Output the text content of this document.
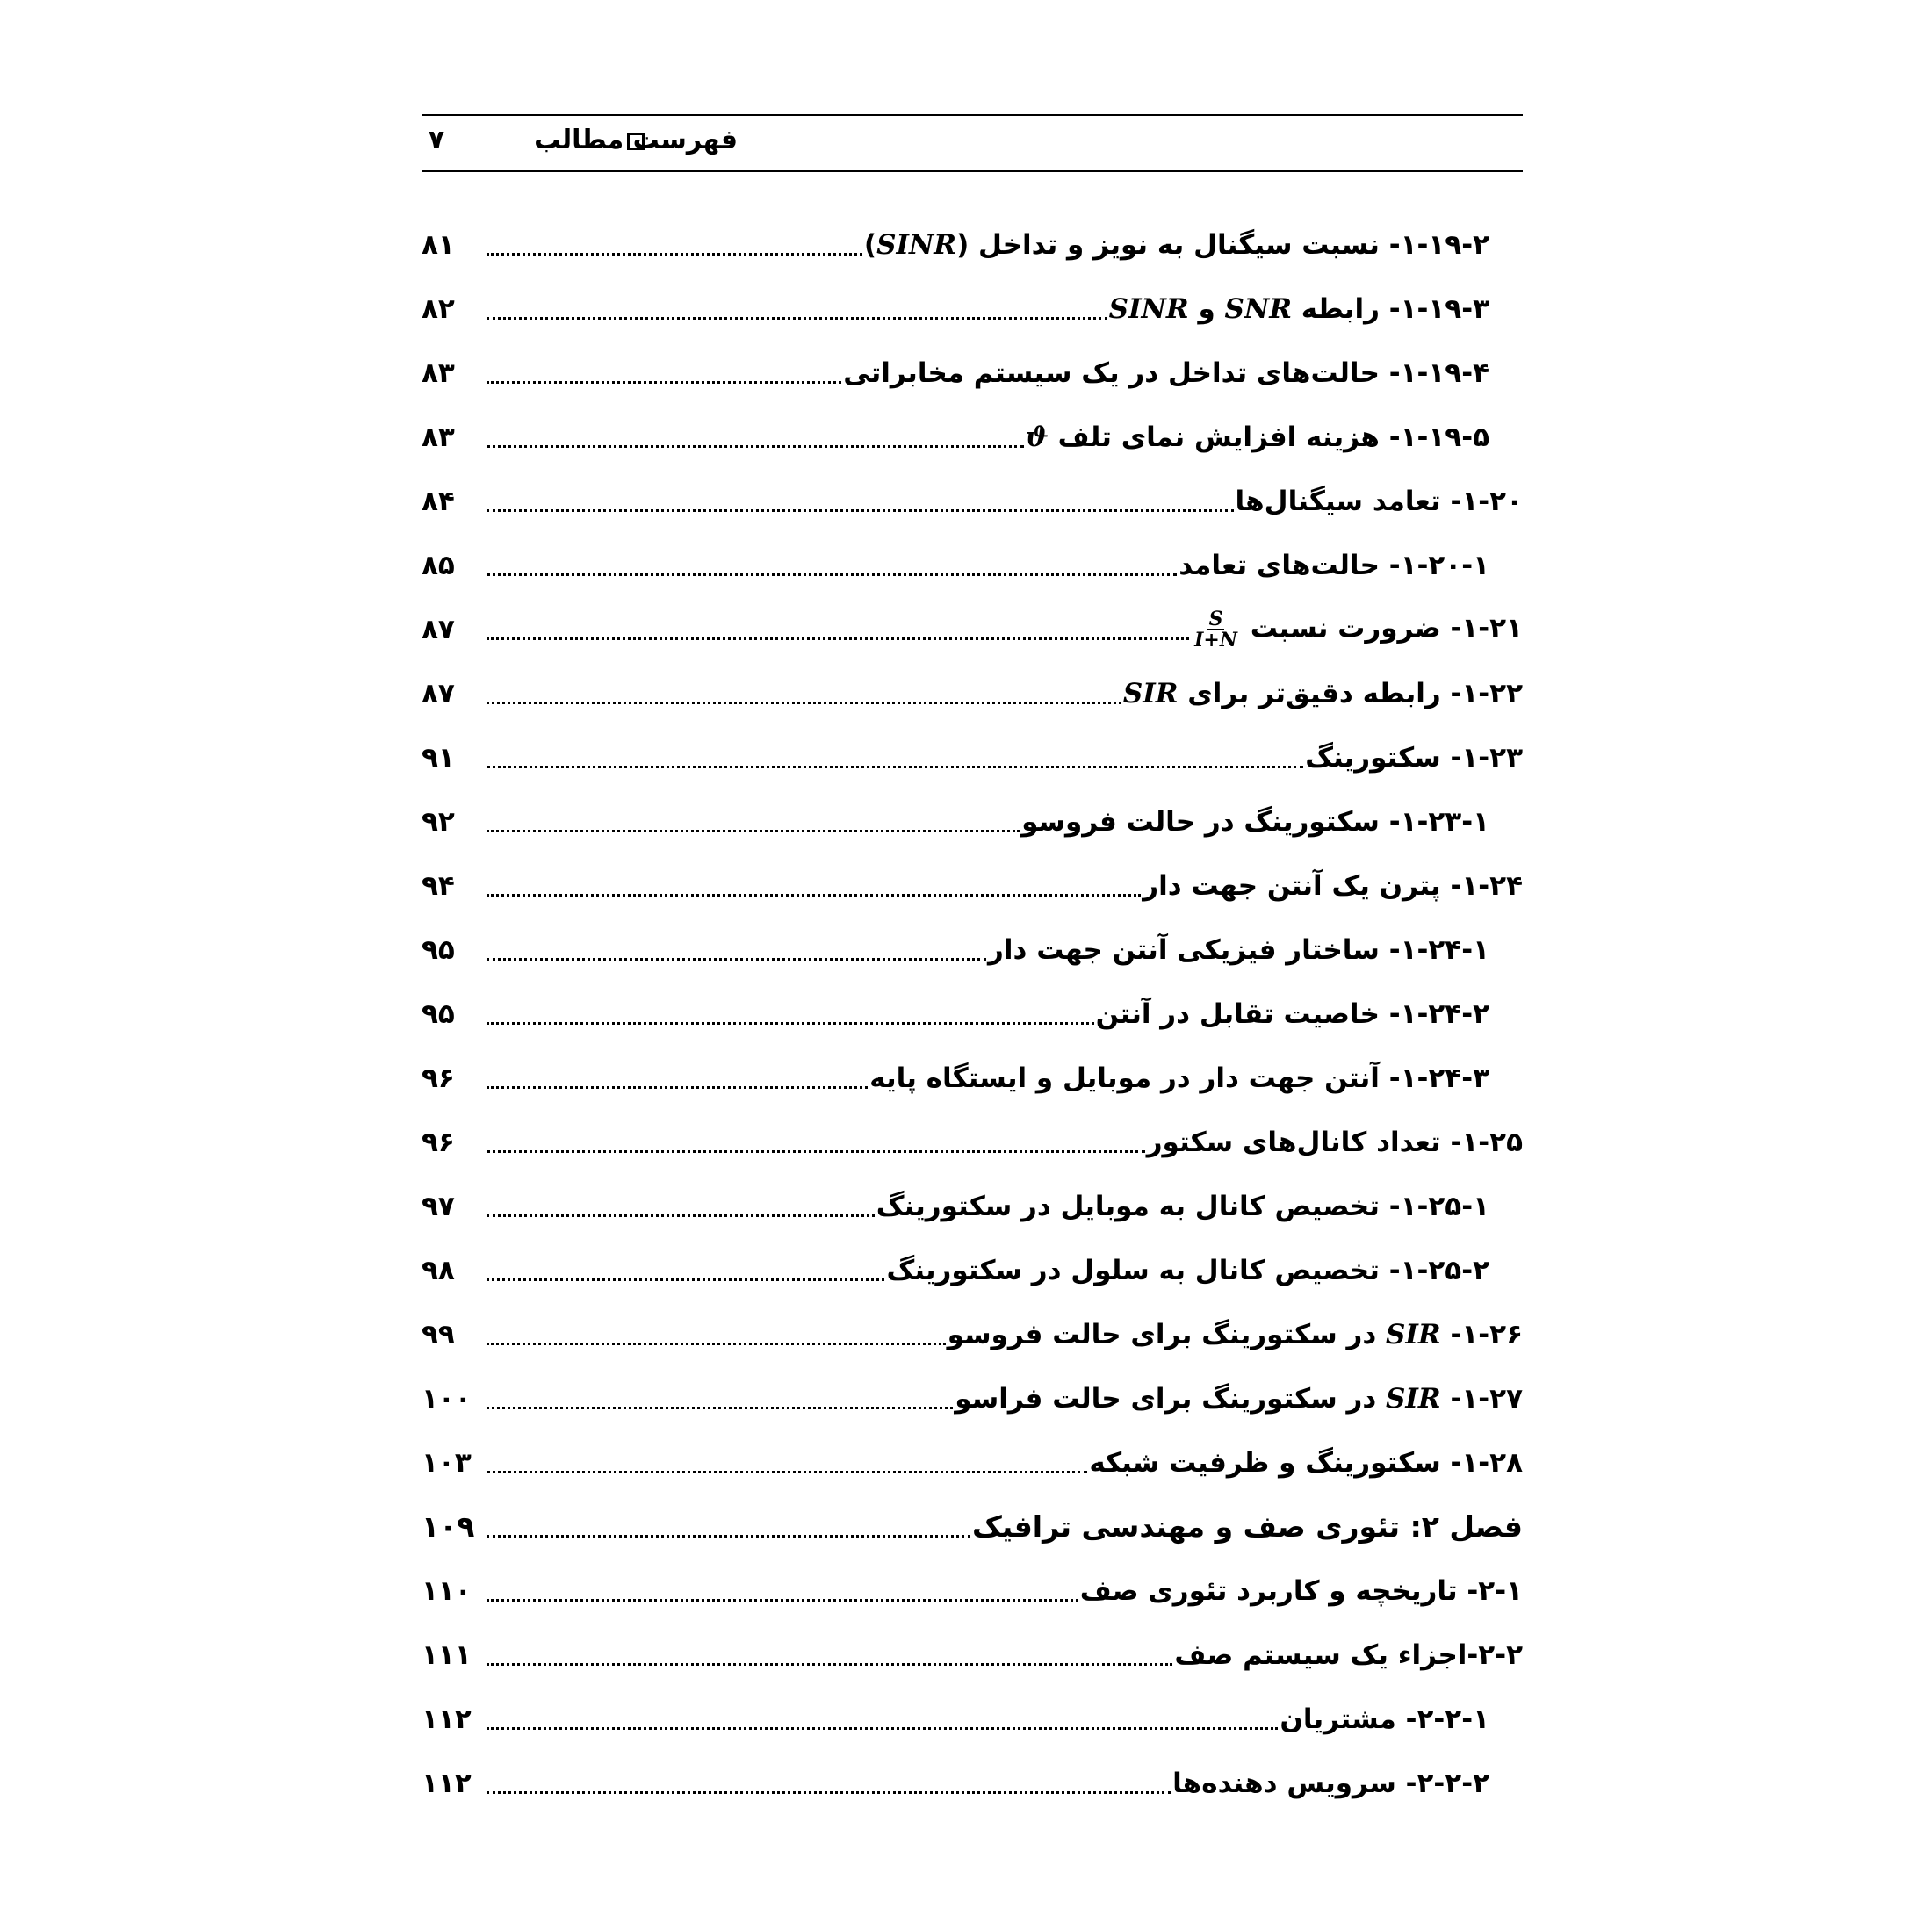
فهرست مطالب
۷
۱-۱۹-۲- نسبت سیگنال به نویز و تداخل (SINR)
۸۱
۱-۱۹-۳- رابطه SNR و SINR
۸۲
۱-۱۹-۴- حالت‌های تداخل در یک سیستم مخابراتی
۸۳
۱-۱۹-۵- هزینه افزایش نمای تلف ϑ
۸۳
۱-۲۰- تعامد سیگنال‌ها
۸۴
۱-۲۰-۱- حالت‌های تعامد
۸۵
۱-۲۱- ضرورت نسبت
$\frac{S}{I+N}$
۸۷
۱-۲۲- رابطه دقیق‌تر برای SIR
۸۷
۱-۲۳- سکتورینگ
۹۱
۱-۲۳-۱- سکتورینگ در حالت فروسو
۹۲
۱-۲۴- پترن یک آنتن جهت دار
۹۴
۱-۲۴-۱- ساختار فیزیکی آنتن جهت دار
۹۵
۱-۲۴-۲- خاصیت تقابل در آنتن
۹۵
۱-۲۴-۳- آنتن جهت دار در موبایل و ایستگاه پایه
۹۶
۱-۲۵- تعداد کانال‌های سکتور
۹۶
۱-۲۵-۱- تخصیص کانال به موبایل در سکتورینگ
۹۷
۱-۲۵-۲- تخصیص کانال به سلول در سکتورینگ
۹۸
۱-۲۶- SIR در سکتورینگ برای حالت فروسو
۹۹
۱-۲۷- SIR در سکتورینگ برای حالت فراسو
۱۰۰
۱-۲۸- سکتورینگ و ظرفیت شبکه
۱۰۳
فصل ۲: تئوری صف و مهندسی ترافیک
۱۰۹
۲-۱- تاریخچه و کاربرد تئوری صف
۱۱۰
۲-۲-اجزاء یک سیستم صف
۱۱۱
۲-۲-۱- مشتریان
۱۱۲
۲-۲-۲- سرویس دهنده‌ها
۱۱۲
